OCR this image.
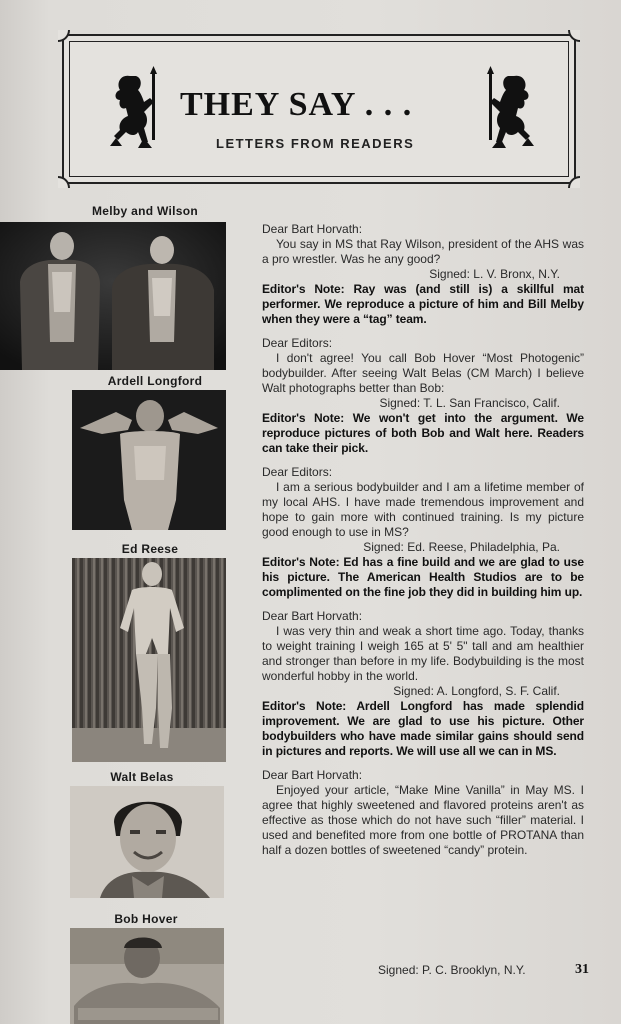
THEY SAY . . .
LETTERS FROM READERS
Melby and Wilson
Ardell Longford
Ed Reese
Walt Belas
Bob Hover
Dear Bart Horvath:
You say in MS that Ray Wilson, president of the AHS was a pro wrestler. Was he any good?
Signed: L. V. Bronx, N.Y.
Editor's Note: Ray was (and still is) a skillful mat performer. We reproduce a picture of him and Bill Melby when they were a “tag” team.
Dear Editors:
I don't agree! You call Bob Hover “Most Photogenic” bodybuilder. After seeing Walt Belas (CM March) I believe Walt photographs better than Bob:
Signed: T. L. San Francisco, Calif.
Editor's Note: We won't get into the argument. We reproduce pictures of both Bob and Walt here. Readers can take their pick.
Dear Editors:
I am a serious bodybuilder and I am a lifetime member of my local AHS. I have made tremendous improvement and hope to gain more with continued training. Is my picture good enough to use in MS?
Signed: Ed. Reese, Philadelphia, Pa.
Editor's Note: Ed has a fine build and we are glad to use his picture. The American Health Studios are to be complimented on the fine job they did in building him up.
Dear Bart Horvath:
I was very thin and weak a short time ago. Today, thanks to weight training I weigh 165 at 5' 5" tall and am healthier and stronger than before in my life. Bodybuilding is the most wonderful hobby in the world.
Signed: A. Longford, S. F. Calif.
Editor's Note: Ardell Longford has made splendid improvement. We are glad to use his picture. Other bodybuilders who have made similar gains should send in pictures and reports. We will use all we can in MS.
Dear Bart Horvath:
Enjoyed your article, “Make Mine Vanilla” in May MS. I agree that highly sweetened and flavored proteins aren't as effective as those which do not have such “filler” material. I used and benefited more from one bottle of PROTANA than half a dozen bottles of sweetened “candy” protein.
Signed: P. C. Brooklyn, N.Y.	31
